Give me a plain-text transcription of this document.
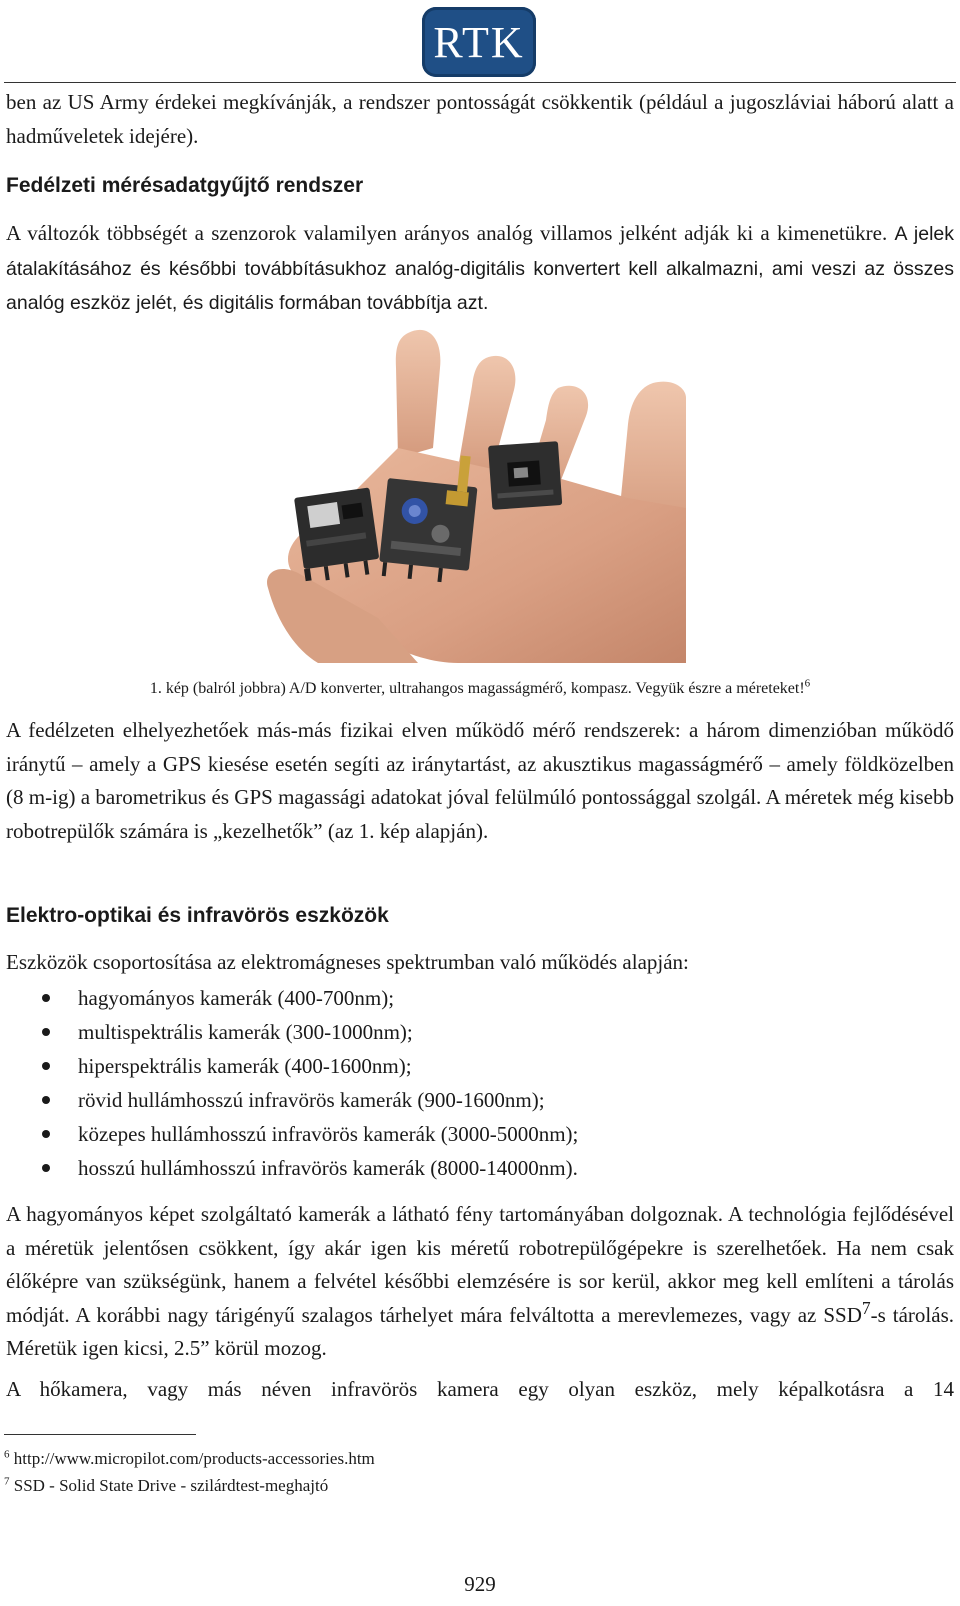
RTK

ben az US Army érdekei megkívánják, a rendszer pontosságát csökkentik (például a jugoszláviai háború alatt a hadműveletek idejére).

Fedélzeti mérésadatgyűjtő rendszer

A változók többségét a szenzorok valamilyen arányos analóg villamos jelként adják ki a kimenetükre. A jelek átalakításához és későbbi továbbításukhoz analóg-digitális konvertert kell alkalmazni, ami veszi az összes analóg eszköz jelét, és digitális formában továbbítja azt.

1. kép (balról jobbra) A/D konverter, ultrahangos magasságmérő, kompasz. Vegyük észre a méreteket!$^6$

A fedélzeten elhelyezhetőek más-más fizikai elven működő mérő rendszerek: a három dimenzióban működő iránytű – amely a GPS kiesése esetén segíti az iránytartást, az akusztikus magasságmérő – amely földközelben (8 m-ig) a barometrikus és GPS magassági adatokat jóval felülmúló pontossággal szolgál. A méretek még kisebb robotrepülők számára is „kezelhetők” (az 1. kép alapján).

Elektro-optikai és infravörös eszközök

Eszközök csoportosítása az elektromágneses spektrumban való működés alapján:

hagyományos kamerák (400-700nm);
multispektrális kamerák (300-1000nm);
hiperspektrális kamerák (400-1600nm);
rövid hullámhosszú infravörös kamerák (900-1600nm);
közepes hullámhosszú infravörös kamerák (3000-5000nm);
hosszú hullámhosszú infravörös kamerák (8000-14000nm).

A hagyományos képet szolgáltató kamerák a látható fény tartományában dolgoznak. A technológia fejlődésével a méretük jelentősen csökkent, így akár igen kis méretű robotrepülőgépekre is szerelhetőek. Ha nem csak élőképre van szükségünk, hanem a felvétel későbbi elemzésére is sor kerül, akkor meg kell említeni a tárolás módját. A korábbi nagy tárigényű szalagos tárhelyet mára felváltotta a merevlemezes, vagy az SSD$^7$-s tárolás. Méretük igen kicsi, 2.5” körül mozog.

A hőkamera, vagy más néven infravörös kamera egy olyan eszköz, mely képalkotásra a 14

$^6$ http://www.micropilot.com/products-accessories.htm
$^7$ SSD - Solid State Drive - szilárdtest-meghajtó
929
